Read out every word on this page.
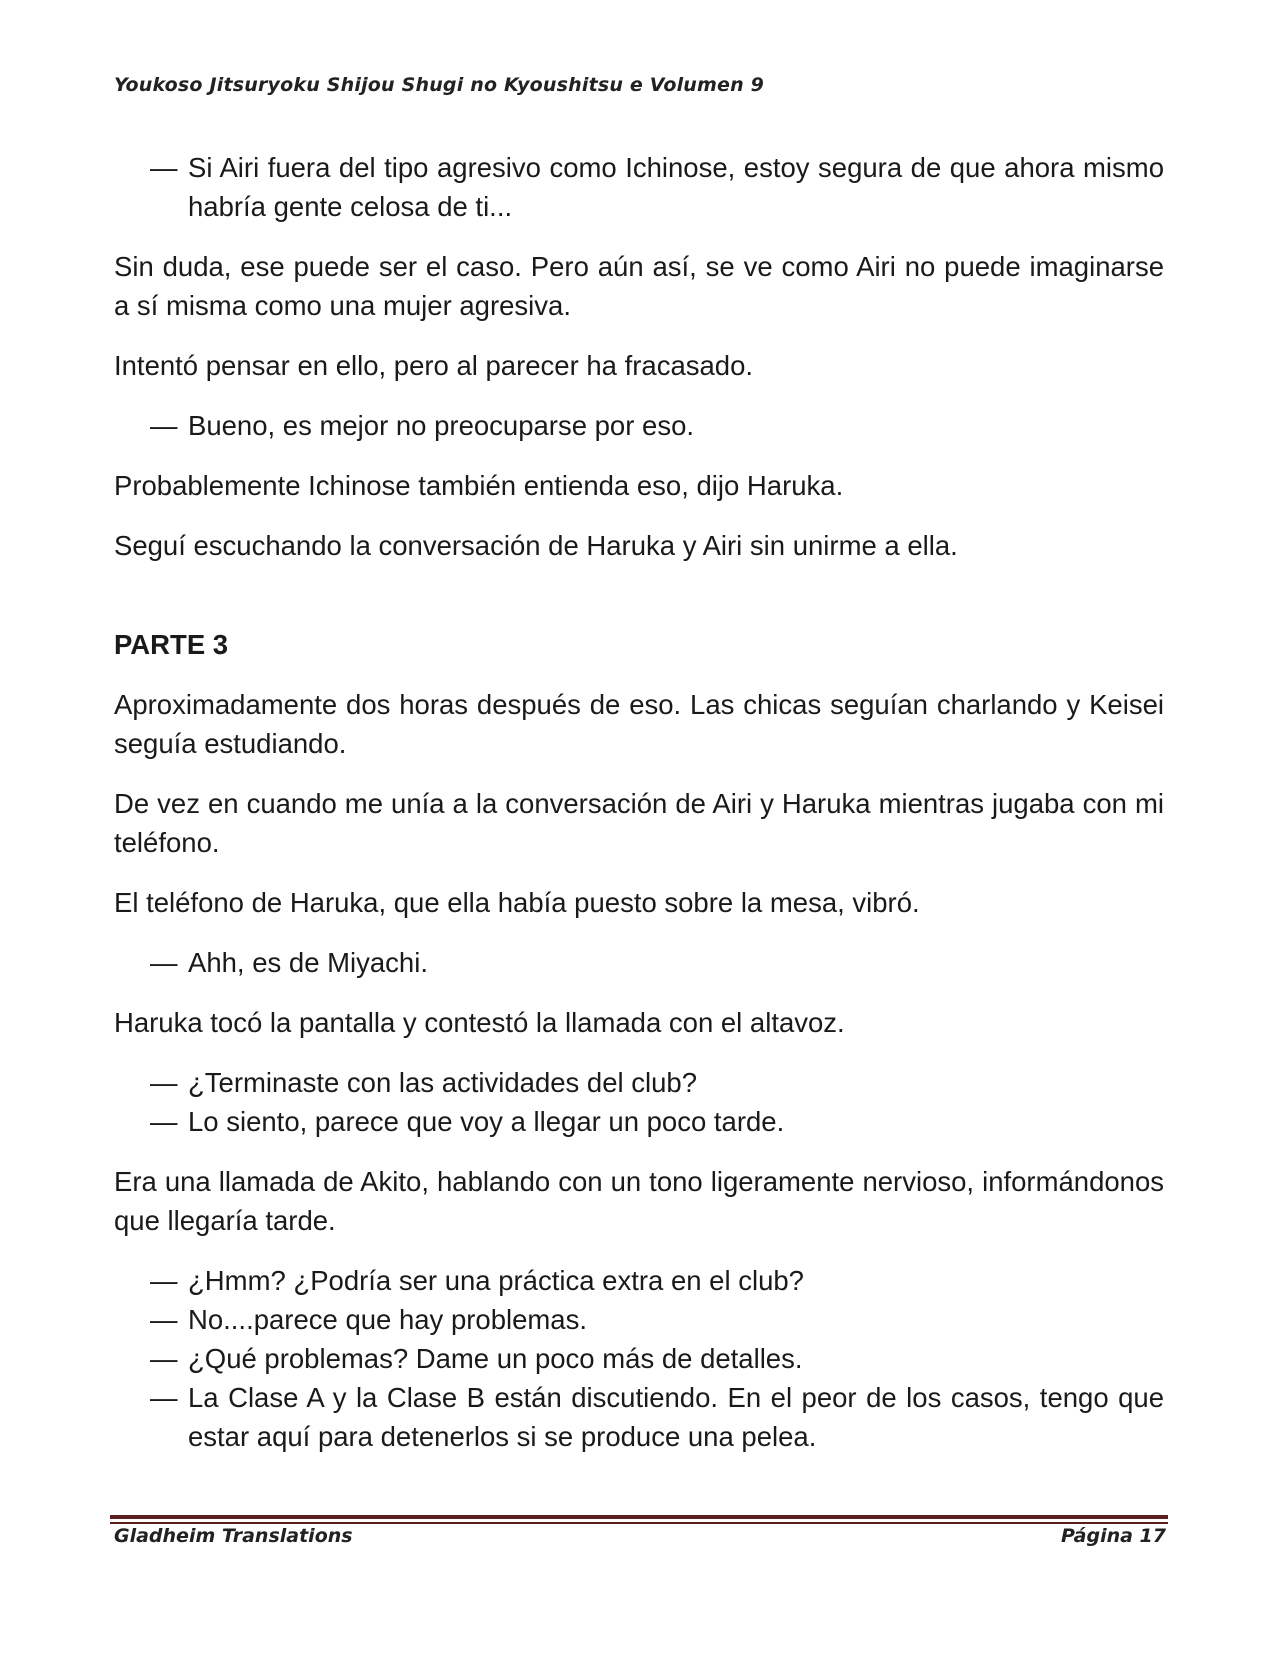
Youkoso Jitsuryoku Shijou Shugi no Kyoushitsu e Volumen 9
— Si Airi fuera del tipo agresivo como Ichinose, estoy segura de que ahora mismo habría gente celosa de ti...

Sin duda, ese puede ser el caso. Pero aún así, se ve como Airi no puede imaginarse a sí misma como una mujer agresiva.

Intentó pensar en ello, pero al parecer ha fracasado.

— Bueno, es mejor no preocuparse por eso.

Probablemente Ichinose también entienda eso, dijo Haruka.

Seguí escuchando la conversación de Haruka y Airi sin unirme a ella.

PARTE 3

Aproximadamente dos horas después de eso. Las chicas seguían charlando y Keisei seguía estudiando.

De vez en cuando me unía a la conversación de Airi y Haruka mientras jugaba con mi teléfono.

El teléfono de Haruka, que ella había puesto sobre la mesa, vibró.

— Ahh, es de Miyachi.

Haruka tocó la pantalla y contestó la llamada con el altavoz.

— ¿Terminaste con las actividades del club?
— Lo siento, parece que voy a llegar un poco tarde.

Era una llamada de Akito, hablando con un tono ligeramente nervioso, informándonos que llegaría tarde.

— ¿Hmm? ¿Podría ser una práctica extra en el club?
— No....parece que hay problemas.
— ¿Qué problemas? Dame un poco más de detalles.
— La Clase A y la Clase B están discutiendo. En el peor de los casos, tengo que estar aquí para detenerlos si se produce una pelea.
Gladheim Translations	Página 17
